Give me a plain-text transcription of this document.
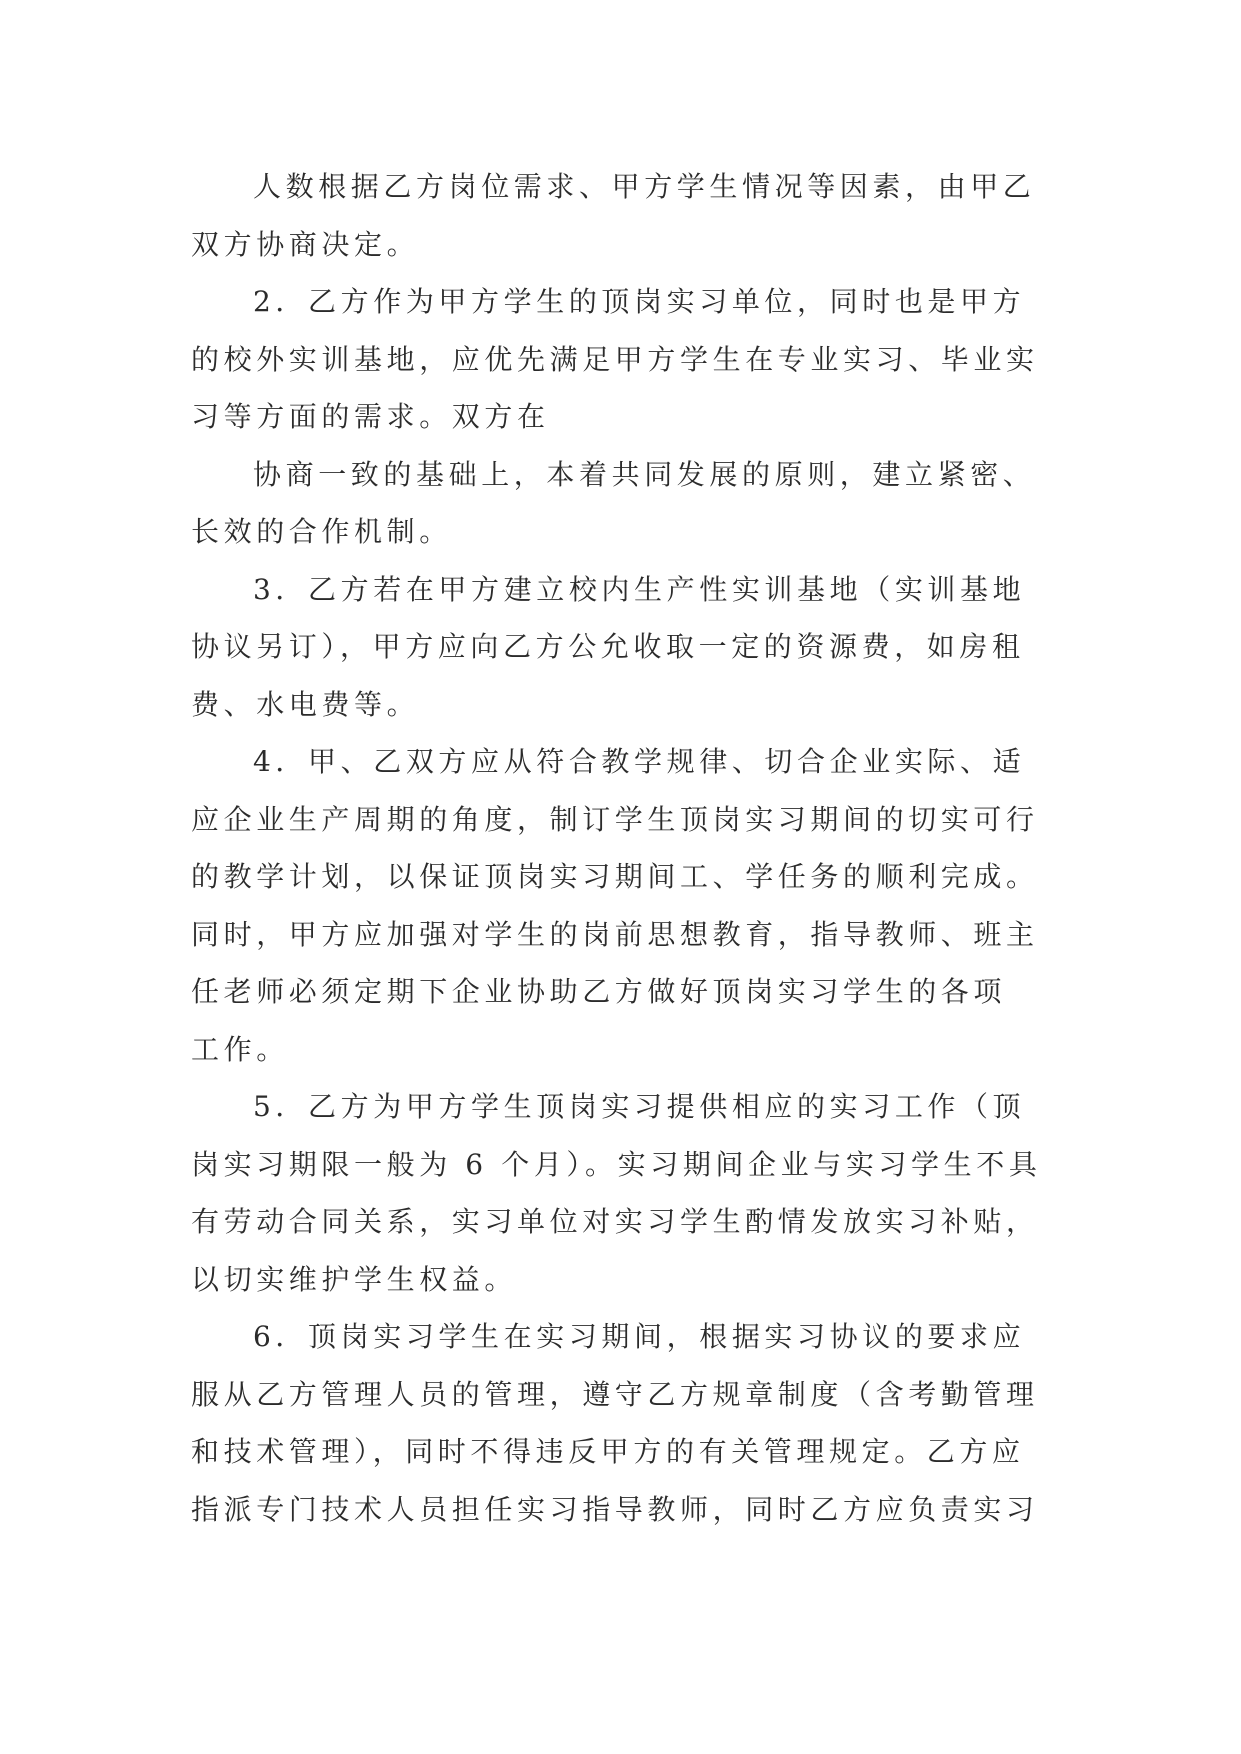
人数根据乙方岗位需求、甲方学生情况等因素，由甲乙
双方协商决定。
2．乙方作为甲方学生的顶岗实习单位，同时也是甲方
的校外实训基地，应优先满足甲方学生在专业实习、毕业实
习等方面的需求。双方在
协商一致的基础上，本着共同发展的原则，建立紧密、
长效的合作机制。
3．乙方若在甲方建立校内生产性实训基地（实训基地
协议另订），甲方应向乙方公允收取一定的资源费，如房租
费、水电费等。
4．甲、乙双方应从符合教学规律、切合企业实际、适
应企业生产周期的角度，制订学生顶岗实习期间的切实可行
的教学计划，以保证顶岗实习期间工、学任务的顺利完成。
同时，甲方应加强对学生的岗前思想教育，指导教师、班主
任老师必须定期下企业协助乙方做好顶岗实习学生的各项
工作。
5．乙方为甲方学生顶岗实习提供相应的实习工作（顶
岗实习期限一般为 6 个月）。实习期间企业与实习学生不具
有劳动合同关系，实习单位对实习学生酌情发放实习补贴，
以切实维护学生权益。
6．顶岗实习学生在实习期间，根据实习协议的要求应
服从乙方管理人员的管理，遵守乙方规章制度（含考勤管理
和技术管理），同时不得违反甲方的有关管理规定。乙方应
指派专门技术人员担任实习指导教师，同时乙方应负责实习
